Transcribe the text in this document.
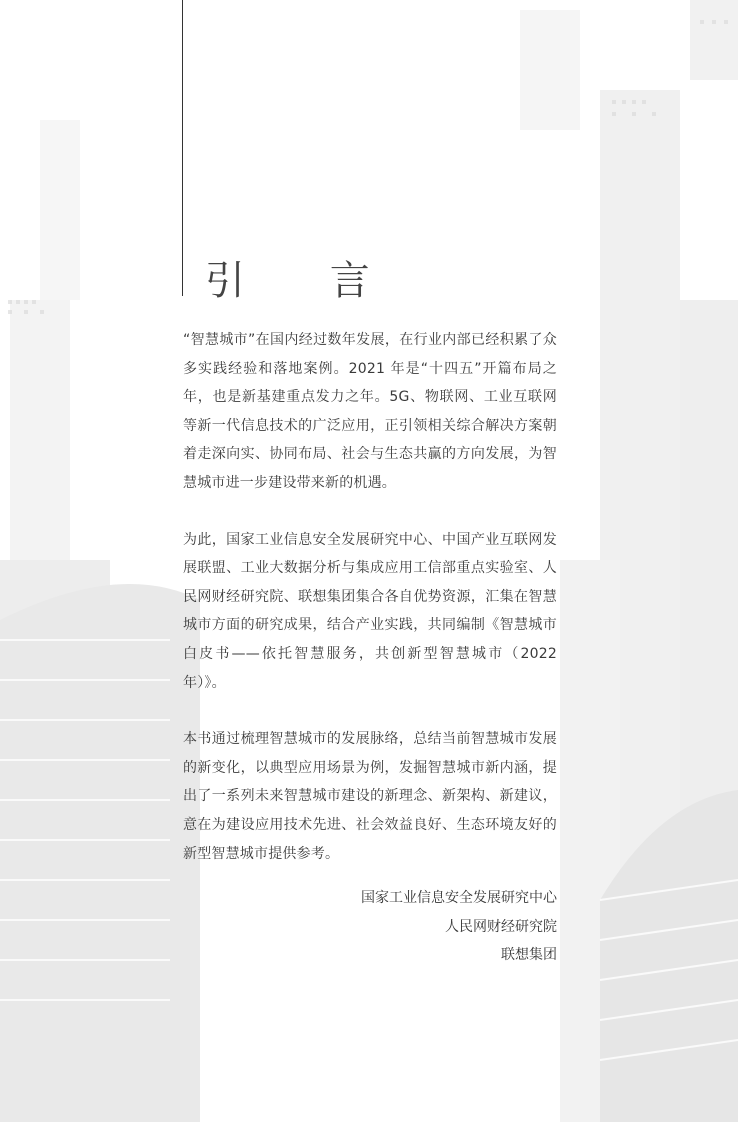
引 言

“智慧城市”在国内经过数年发展，在行业内部已经积累了众多实践经验和落地案例。2021 年是“十四五”开篇布局之年，也是新基建重点发力之年。5G、物联网、工业互联网等新一代信息技术的广泛应用，正引领相关综合解决方案朝着走深向实、协同布局、社会与生态共赢的方向发展，为智慧城市进一步建设带来新的机遇。

为此，国家工业信息安全发展研究中心、中国产业互联网发展联盟、工业大数据分析与集成应用工信部重点实验室、人民网财经研究院、联想集团集合各自优势资源，汇集在智慧城市方面的研究成果，结合产业实践，共同编制《智慧城市白皮书——依托智慧服务，共创新型智慧城市（2022年）》。

本书通过梳理智慧城市的发展脉络，总结当前智慧城市发展的新变化，以典型应用场景为例，发掘智慧城市新内涵，提出了一系列未来智慧城市建设的新理念、新架构、新建议，意在为建设应用技术先进、社会效益良好、生态环境友好的新型智慧城市提供参考。

国家工业信息安全发展研究中心
人民网财经研究院
联想集团
